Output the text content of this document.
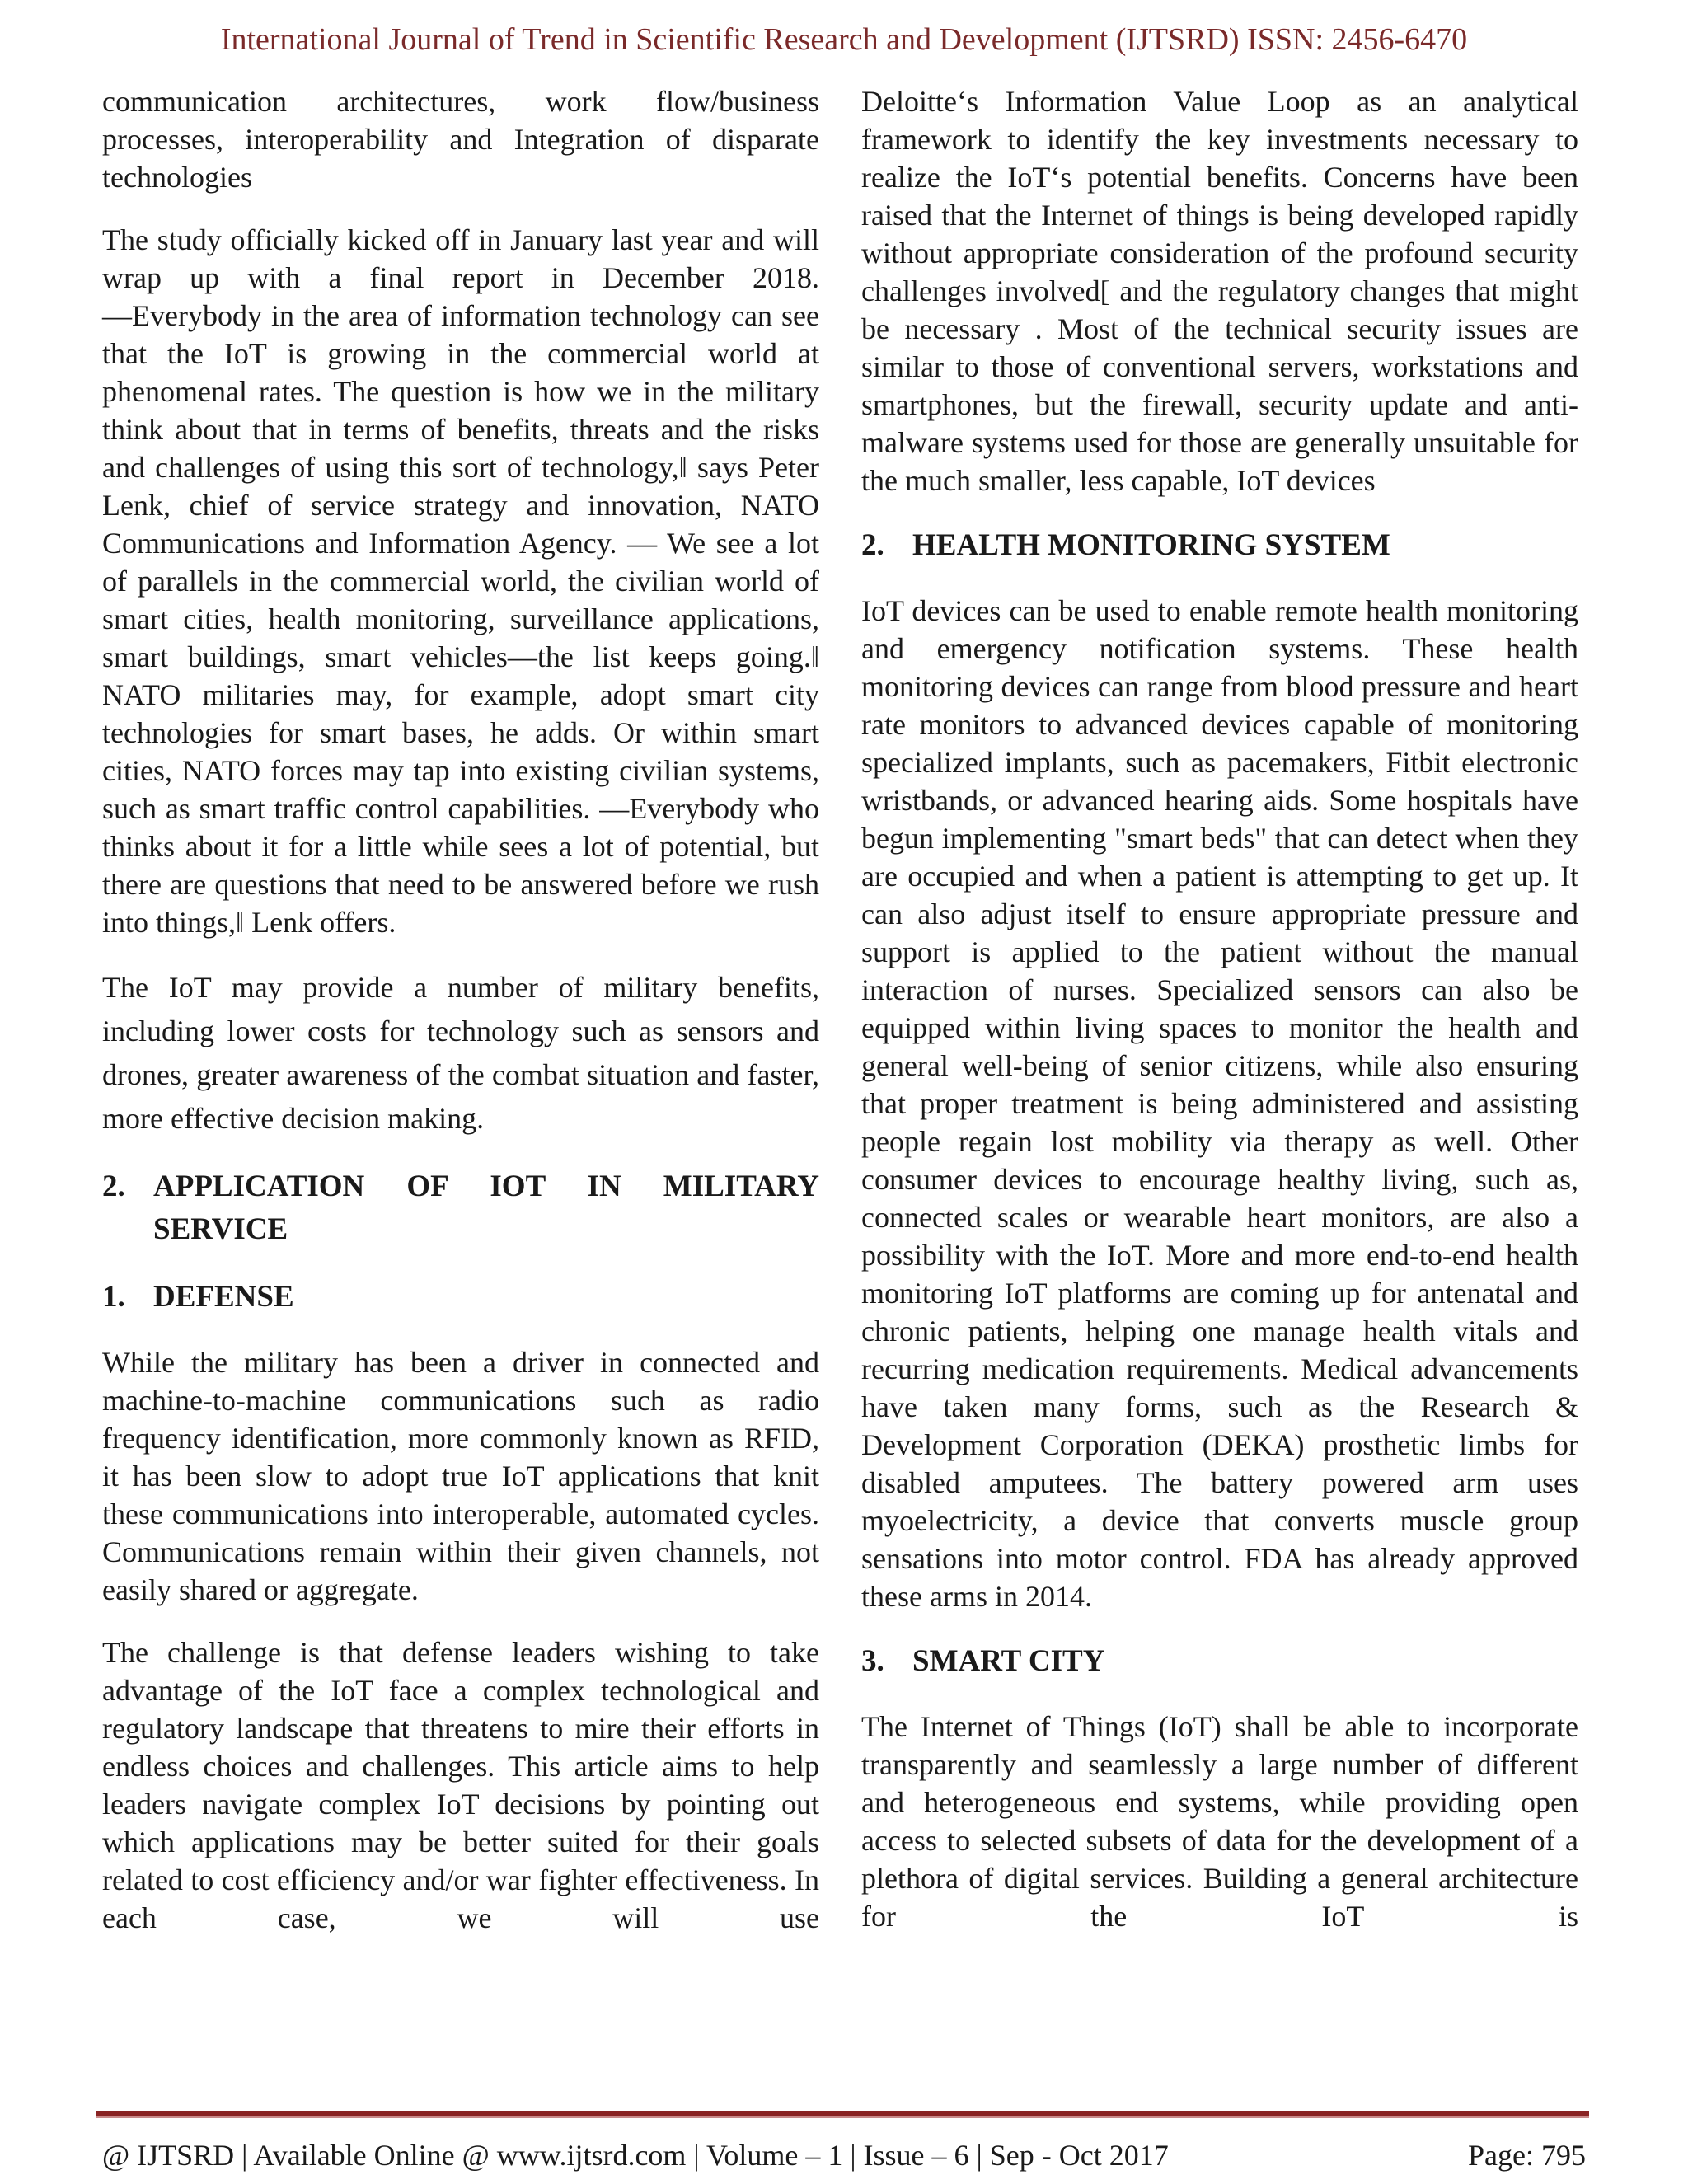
International Journal of Trend in Scientific Research and Development (IJTSRD) ISSN: 2456-6470

communication architectures, work flow/business processes, interoperability and Integration of disparate technologies

The study officially kicked off in January last year and will wrap up with a final report in December 2018. ―Everybody in the area of information technology can see that the IoT is growing in the commercial world at phenomenal rates. The question is how we in the military think about that in terms of benefits, threats and the risks and challenges of using this sort of technology,‖ says Peter Lenk, chief of service strategy and innovation, NATO Communications and Information Agency. ― We see a lot of parallels in the commercial world, the civilian world of smart cities, health monitoring, surveillance applications, smart buildings, smart vehicles—the list keeps going.‖ NATO militaries may, for example, adopt smart city technologies for smart bases, he adds. Or within smart cities, NATO forces may tap into existing civilian systems, such as smart traffic control capabilities. ―Everybody who thinks about it for a little while sees a lot of potential, but there are questions that need to be answered before we rush into things,‖ Lenk offers.

The IoT may provide a number of military benefits, including lower costs for technology such as sensors and drones, greater awareness of the combat situation and faster, more effective decision making.

2. APPLICATION OF IOT IN MILITARY SERVICE
1. DEFENSE

While the military has been a driver in connected and machine-to-machine communications such as radio frequency identification, more commonly known as RFID, it has been slow to adopt true IoT applications that knit these communications into interoperable, automated cycles. Communications remain within their given channels, not easily shared or aggregate.

The challenge is that defense leaders wishing to take advantage of the IoT face a complex technological and regulatory landscape that threatens to mire their efforts in endless choices and challenges. This article aims to help leaders navigate complex IoT decisions by pointing out which applications may be better suited for their goals related to cost efficiency and/or war fighter effectiveness. In each case, we will use

Deloitte‘s Information Value Loop as an analytical framework to identify the key investments necessary to realize the IoT‘s potential benefits. Concerns have been raised that the Internet of things is being developed rapidly without appropriate consideration of the profound security challenges involved[ and the regulatory changes that might be necessary . Most of the technical security issues are similar to those of conventional servers, workstations and smartphones, but the firewall, security update and anti-malware systems used for those are generally unsuitable for the much smaller, less capable, IoT devices

2. HEALTH MONITORING SYSTEM

IoT devices can be used to enable remote health monitoring and emergency notification systems. These health monitoring devices can range from blood pressure and heart rate monitors to advanced devices capable of monitoring specialized implants, such as pacemakers, Fitbit electronic wristbands, or advanced hearing aids. Some hospitals have begun implementing "smart beds" that can detect when they are occupied and when a patient is attempting to get up. It can also adjust itself to ensure appropriate pressure and support is applied to the patient without the manual interaction of nurses. Specialized sensors can also be equipped within living spaces to monitor the health and general well-being of senior citizens, while also ensuring that proper treatment is being administered and assisting people regain lost mobility via therapy as well. Other consumer devices to encourage healthy living, such as, connected scales or wearable heart monitors, are also a possibility with the IoT. More and more end-to-end health monitoring IoT platforms are coming up for antenatal and chronic patients, helping one manage health vitals and recurring medication requirements. Medical advancements have taken many forms, such as the Research & Development Corporation (DEKA) prosthetic limbs for disabled amputees. The battery powered arm uses myoelectricity, a device that converts muscle group sensations into motor control. FDA has already approved these arms in 2014.

3. SMART CITY

The Internet of Things (IoT) shall be able to incorporate transparently and seamlessly a large number of different and heterogeneous end systems, while providing open access to selected subsets of data for the development of a plethora of digital services. Building a general architecture for the IoT is

@ IJTSRD | Available Online @ www.ijtsrd.com | Volume – 1 | Issue – 6 | Sep - Oct 2017	Page: 795
